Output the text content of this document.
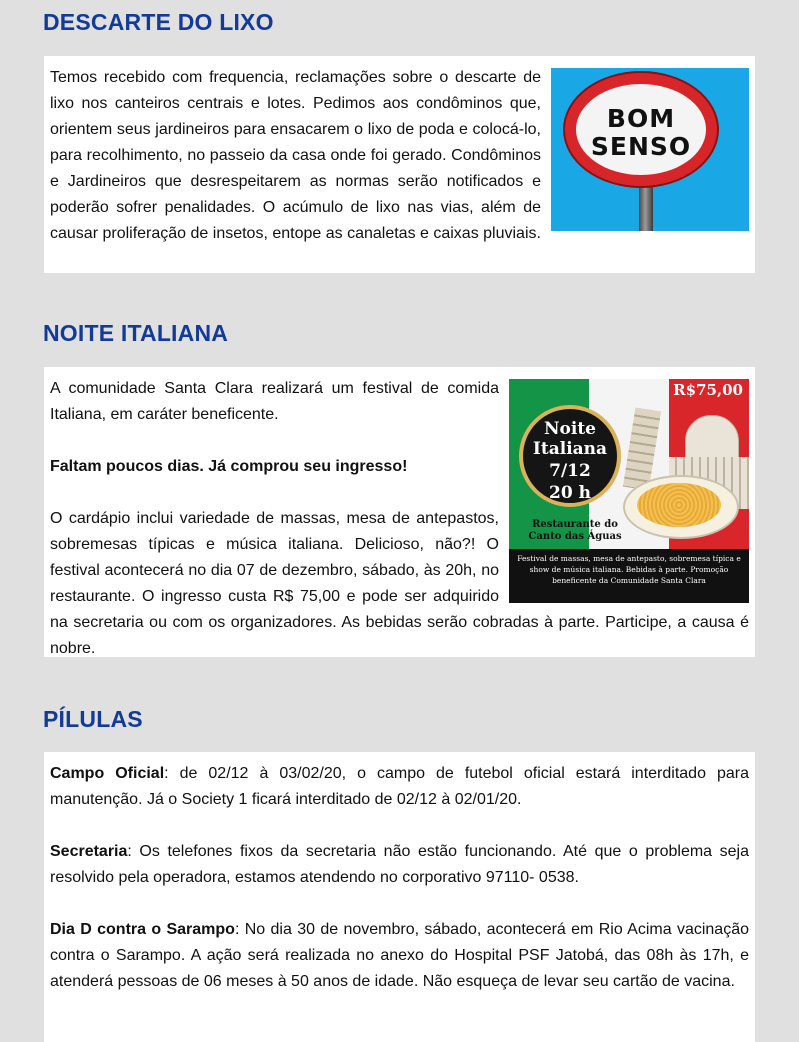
DESCARTE DO LIXO
BOM
SENSO

Temos recebido com frequencia, reclamações sobre o descarte de lixo nos canteiros centrais e lotes. Pedimos aos condôminos que, orientem seus jardineiros para ensacarem o lixo de poda e colocá-lo, para recolhimento, no passeio da casa onde foi gerado. Condôminos e Jardineiros que desrespeitarem as normas serão notificados e poderão sofrer penalidades. O acúmulo de lixo nas vias, além de causar proliferação de insetos, entope as canaletas e caixas pluviais.

NOITE ITALIANA
R$75,00
Noite
Italiana
7/12
20 h
Restaurante do Canto das Águas
Festival de massas, mesa de antepasto, sobremesa típica e show de música italiana. Bebidas à parte. Promoção beneficente da Comunidade Santa Clara

A comunidade Santa Clara realizará um festival de comida Italiana, em caráter beneficente.

Faltam poucos dias. Já comprou seu ingresso!

O cardápio inclui variedade de massas, mesa de antepastos, sobremesas típicas e música italiana. Delicioso, não?! O festival acontecerá no dia 07 de dezembro, sábado, às 20h, no restaurante. O ingresso custa R$ 75,00 e pode ser adquirido na secretaria ou com os organizadores. As bebidas serão cobradas à parte. Participe, a causa é nobre.

PÍLULAS

Campo Oficial: de 02/12 à 03/02/20, o campo de futebol oficial estará interditado para manutenção. Já o Society 1 ficará interditado de 02/12 à 02/01/20.

Secretaria: Os telefones fixos da secretaria não estão funcionando. Até que o problema seja resolvido pela operadora, estamos atendendo no corporativo 97110- 0538.

Dia D contra o Sarampo: No dia 30 de novembro, sábado, acontecerá em Rio Acima vacinação contra o Sarampo. A ação será realizada no anexo do Hospital PSF Jatobá, das 08h às 17h, e atenderá pessoas de 06 meses à 50 anos de idade. Não esqueça de levar seu cartão de vacina.
